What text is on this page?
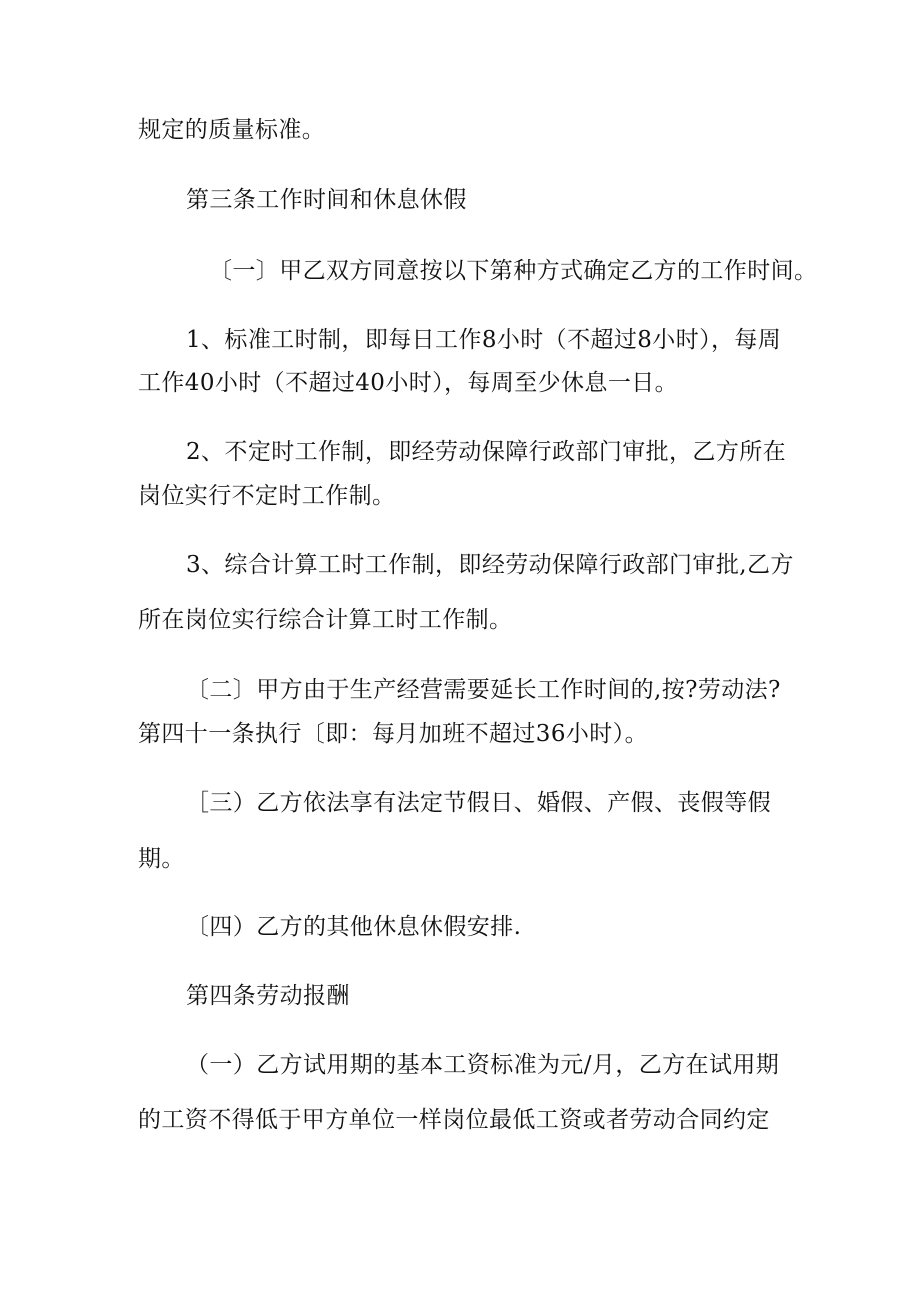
规定的质量标准。
第三条工作时间和休息休假
〔一〕甲乙双方同意按以下第种方式确定乙方的工作时间。
1、标准工时制，即每日工作8小时（不超过8小时），每周
工作40小时（不超过40小时），每周至少休息一日。
2、不定时工作制，即经劳动保障行政部门审批，乙方所在
岗位实行不定时工作制。
3、综合计算工时工作制，即经劳动保障行政部门审批,乙方
所在岗位实行综合计算工时工作制。
〔二〕甲方由于生产经营需要延长工作时间的,按?劳动法?
第四十一条执行〔即：每月加班不超过36小时）。
［三）乙方依法享有法定节假日、婚假、产假、丧假等假
期。
〔四）乙方的其他休息休假安排.
第四条劳动报酬
（一）乙方试用期的基本工资标准为元/月，乙方在试用期
的工资不得低于甲方单位一样岗位最低工资或者劳动合同约定
